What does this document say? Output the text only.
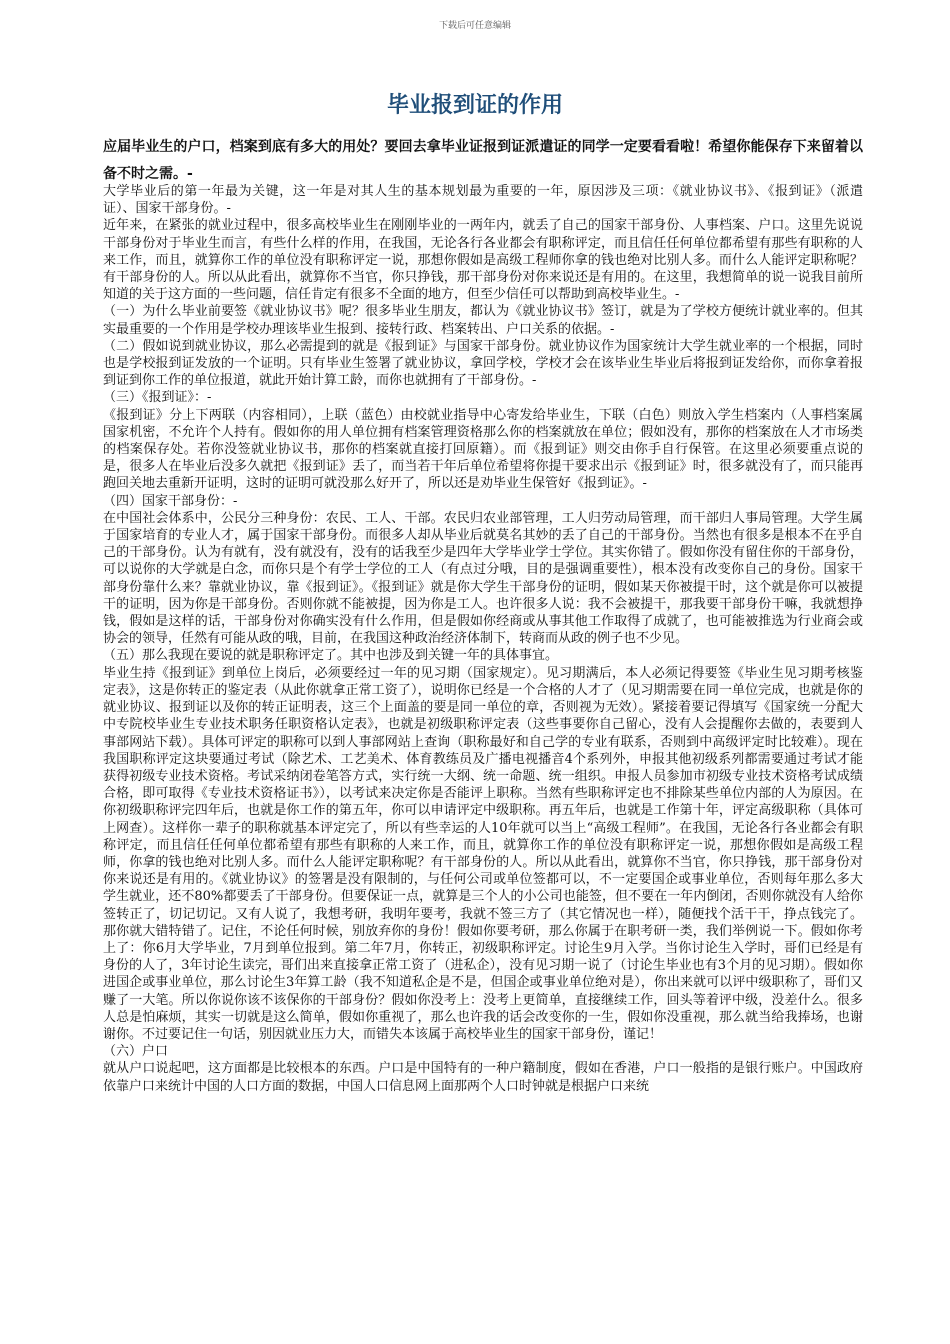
下载后可任意编辑
毕业报到证的作用
应届毕业生的户口，档案到底有多大的用处？要回去拿毕业证报到证派遣证的同学一定要看看啦！希望你能保存下来留着以备不时之需。-

大学毕业后的第一年最为关键，这一年是对其人生的基本规划最为重要的一年，原因涉及三项：《就业协议书》、《报到证》（派遣证）、国家干部身份。-

近年来，在紧张的就业过程中，很多高校毕业生在刚刚毕业的一两年内，就丢了自己的国家干部身份、人事档案、户口。这里先说说干部身份对于毕业生而言，有些什么样的作用，在我国，无论各行各业都会有职称评定，而且信任任何单位都希望有那些有职称的人来工作，而且，就算你工作的单位没有职称评定一说，那想你假如是高级工程师你拿的钱也绝对比别人多。而什么人能评定职称呢？有干部身份的人。所以从此看出，就算你不当官，你只挣钱，那干部身份对你来说还是有用的。在这里，我想简单的说一说我目前所知道的关于这方面的一些问题，信任肯定有很多不全面的地方，但至少信任可以帮助到高校毕业生。-

（一）为什么毕业前要签《就业协议书》呢？很多毕业生朋友，都认为《就业协议书》签订，就是为了学校方便统计就业率的。但其实最重要的一个作用是学校办理该毕业生报到、接转行政、档案转出、户口关系的依据。-

（二）假如说到就业协议，那么必需提到的就是《报到证》与国家干部身份。就业协议作为国家统计大学生就业率的一个根据，同时也是学校报到证发放的一个证明。只有毕业生签署了就业协议，拿回学校，学校才会在该毕业生毕业后将报到证发给你，而你拿着报到证到你工作的单位报道，就此开始计算工龄，而你也就拥有了干部身份。-

（三）《报到证》：-

《报到证》分上下两联（内容相同），上联（蓝色）由校就业指导中心寄发给毕业生，下联（白色）则放入学生档案内（人事档案属国家机密，不允许个人持有。假如你的用人单位拥有档案管理资格那么你的档案就放在单位；假如没有，那你的档案放在人才市场类的档案保存处。若你没签就业协议书，那你的档案就直接打回原籍）。而《报到证》则交由你手自行保管。在这里必须要重点说的是，很多人在毕业后没多久就把《报到证》丢了，而当若干年后单位希望将你提干要求出示《报到证》时，很多就没有了，而只能再跑回关地去重新开证明，这时的证明可就没那么好开了，所以还是劝毕业生保管好《报到证》。-

（四）国家干部身份：-

在中国社会体系中，公民分三种身份：农民、工人、干部。农民归农业部管理，工人归劳动局管理，而干部归人事局管理。大学生属于国家培育的专业人才，属于国家干部身份。而很多人却从毕业后就莫名其妙的丢了自己的干部身份。当然也有很多是根本不在乎自己的干部身份。认为有就有，没有就没有，没有的话我至少是四年大学毕业学士学位。其实你错了。假如你没有留住你的干部身份，可以说你的大学就是白念，而你只是个有学士学位的工人（有点过分哦，目的是强调重要性），根本没有改变你自己的身份。国家干部身份靠什么来？靠就业协议，靠《报到证》。《报到证》就是你大学生干部身份的证明，假如某天你被提干时，这个就是你可以被提干的证明，因为你是干部身份。否则你就不能被提，因为你是工人。也许很多人说：我不会被提干，那我要干部身份干嘛，我就想挣钱，假如是这样的话，干部身份对你确实没有什么作用，但是假如你经商或从事其他工作取得了成就了，也可能被推选为行业商会或协会的领导，任然有可能从政的哦，目前，在我国这种政治经济体制下，转商而从政的例子也不少见。

（五）那么我现在要说的就是职称评定了。其中也涉及到关键一年的具体事宜。

毕业生持《报到证》到单位上岗后，必须要经过一年的见习期（国家规定）。见习期满后，本人必须记得要签《毕业生见习期考核鉴定表》，这是你转正的鉴定表（从此你就拿正常工资了），说明你已经是一个合格的人才了（见习期需要在同一单位完成，也就是你的就业协议、报到证以及你的转正证明表，这三个上面盖的要是同一单位的章，否则视为无效）。紧接着要记得填写《国家统一分配大中专院校毕业生专业技术职务任职资格认定表》，也就是初级职称评定表（这些事要你自己留心，没有人会提醒你去做的，表要到人事部网站下载）。具体可评定的职称可以到人事部网站上查询（职称最好和自己学的专业有联系，否则到中高级评定时比较难）。现在我国职称评定这块要通过考试（除艺术、工艺美术、体育教练员及广播电视播音4个系列外，申报其他初级系列都需要通过考试才能获得初级专业技术资格。考试采纳闭卷笔答方式，实行统一大纲、统一命题、统一组织。申报人员参加市初级专业技术资格考试成绩合格，即可取得《专业技术资格证书》），以考试来决定你是否能评上职称。当然有些职称评定也不排除某些单位内部的人为原因。在你初级职称评完四年后，也就是你工作的第五年，你可以申请评定中级职称。再五年后，也就是工作第十年，评定高级职称（具体可上网查）。这样你一辈子的职称就基本评定完了，所以有些幸运的人10年就可以当上“高级工程师”。在我国，无论各行各业都会有职称评定，而且信任任何单位都希望有那些有职称的人来工作，而且，就算你工作的单位没有职称评定一说，那想你假如是高级工程师，你拿的钱也绝对比别人多。而什么人能评定职称呢？有干部身份的人。所以从此看出，就算你不当官，你只挣钱，那干部身份对你来说还是有用的。《就业协议》的签署是没有限制的，与任何公司或单位签都可以，不一定要国企或事业单位，否则每年那么多大学生就业，还不80%都要丢了干部身份。但要保证一点，就算是三个人的小公司也能签，但不要在一年内倒闭，否则你就没有人给你签转正了，切记切记。又有人说了，我想考研，我明年要考，我就不签三方了（其它情况也一样），随便找个活干干，挣点钱完了。那你就大错特错了。记住，不论任何时候，别放弃你的身份！假如你要考研，那么你属于在职考研一类，我们举例说一下。假如你考上了：你6月大学毕业，7月到单位报到。第二年7月，你转正，初级职称评定。讨论生9月入学。当你讨论生入学时，哥们已经是有身份的人了，3年讨论生读完，哥们出来直接拿正常工资了（进私企），没有见习期一说了（讨论生毕业也有3个月的见习期）。假如你进国企或事业单位，那么讨论生3年算工龄（我不知道私企是不是，但国企或事业单位绝对是），你出来就可以评中级职称了，哥们又赚了一大笔。所以你说你该不该保你的干部身份？假如你没考上：没考上更简单，直接继续工作，回头等着评中级，没差什么。很多人总是怕麻烦，其实一切就是这么简单，假如你重视了，那么也许我的话会改变你的一生，假如你没重视，那么就当给我捧场，也谢谢你。不过要记住一句话，别因就业压力大，而错失本该属于高校毕业生的国家干部身份，谨记！

（六）户口

就从户口说起吧，这方面都是比较根本的东西。户口是中国特有的一种户籍制度，假如在香港，户口一般指的是银行账户。中国政府依靠户口来统计中国的人口方面的数据，中国人口信息网上面那两个人口时钟就是根据户口来统
